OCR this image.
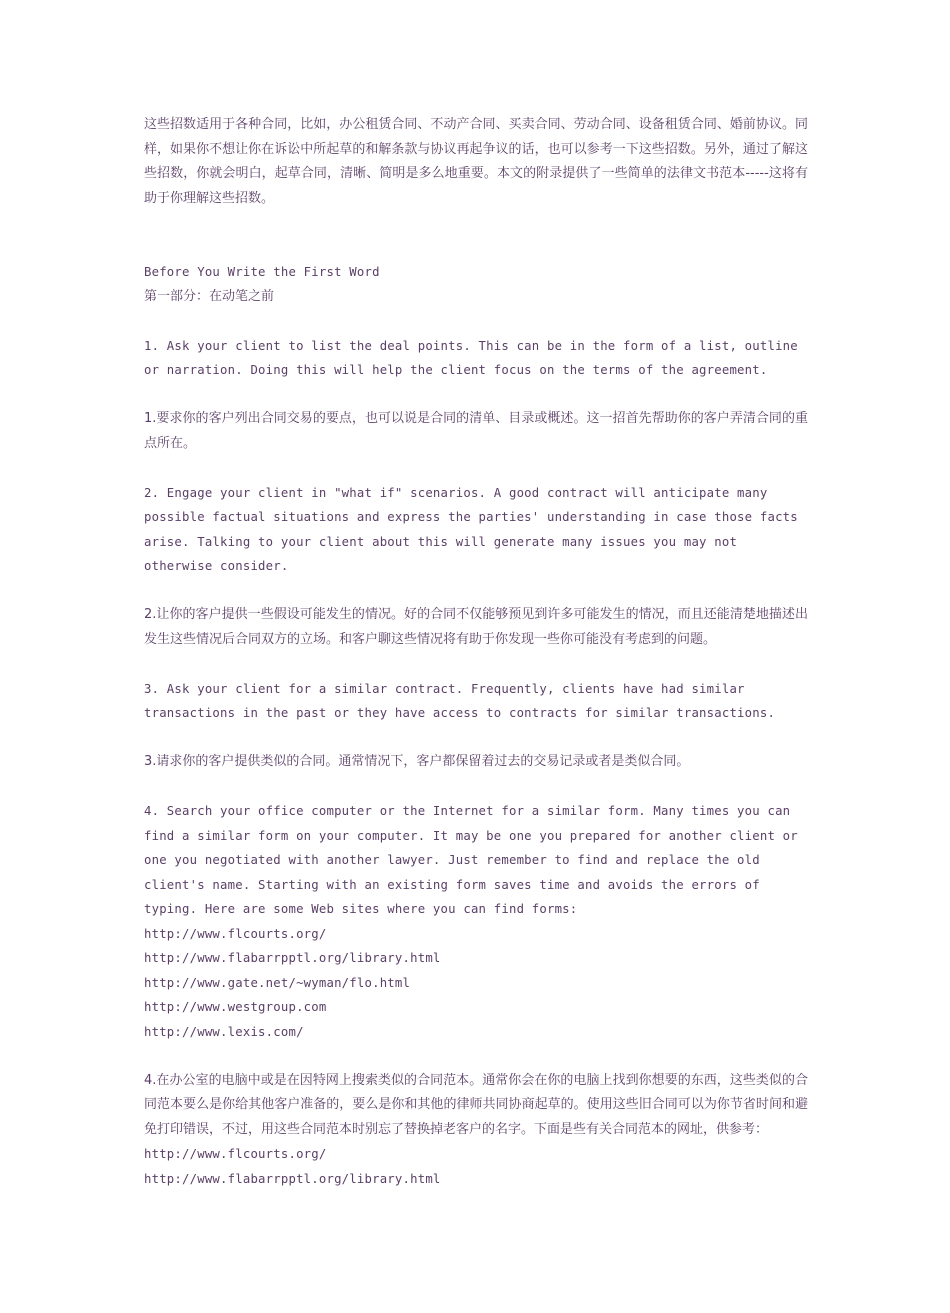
这些招数适用于各种合同，比如，办公租赁合同、不动产合同、买卖合同、劳动合同、设备租赁合同、婚前协议。同样，如果你不想让你在诉讼中所起草的和解条款与协议再起争议的话，也可以参考一下这些招数。另外，通过了解这些招数，你就会明白，起草合同，清晰、简明是多么地重要。本文的附录提供了一些简单的法律文书范本-----这将有助于你理解这些招数。

Before You Write the First Word

第一部分：在动笔之前

1. Ask your client to list the deal points. This can be in the form of a list, outline or narration. Doing this will help the client focus on the terms of the agreement.

1.要求你的客户列出合同交易的要点，也可以说是合同的清单、目录或概述。这一招首先帮助你的客户弄清合同的重点所在。

2. Engage your client in "what if" scenarios. A good contract will anticipate many possible factual situations and express the parties' understanding in case those facts arise. Talking to your client about this will generate many issues you may not otherwise consider.

2.让你的客户提供一些假设可能发生的情况。好的合同不仅能够预见到许多可能发生的情况，而且还能清楚地描述出发生这些情况后合同双方的立场。和客户聊这些情况将有助于你发现一些你可能没有考虑到的问题。

3. Ask your client for a similar contract. Frequently, clients have had similar transactions in the past or they have access to contracts for similar transactions.

3.请求你的客户提供类似的合同。通常情况下，客户都保留着过去的交易记录或者是类似合同。

4. Search your office computer or the Internet for a similar form. Many times you can find a similar form on your computer. It may be one you prepared for another client or one you negotiated with another lawyer. Just remember to find and replace the old client's name. Starting with an existing form saves time and avoids the errors of typing. Here are some Web sites where you can find forms:

http://www.flcourts.org/
http://www.flabarrpptl.org/library.html
http://www.gate.net/~wyman/flo.html
http://www.westgroup.com
http://www.lexis.com/

4.在办公室的电脑中或是在因特网上搜索类似的合同范本。通常你会在你的电脑上找到你想要的东西，这些类似的合同范本要么是你给其他客户准备的，要么是你和其他的律师共同协商起草的。使用这些旧合同可以为你节省时间和避免打印错误，不过，用这些合同范本时别忘了替换掉老客户的名字。下面是些有关合同范本的网址，供参考：

http://www.flcourts.org/
http://www.flabarrpptl.org/library.html
